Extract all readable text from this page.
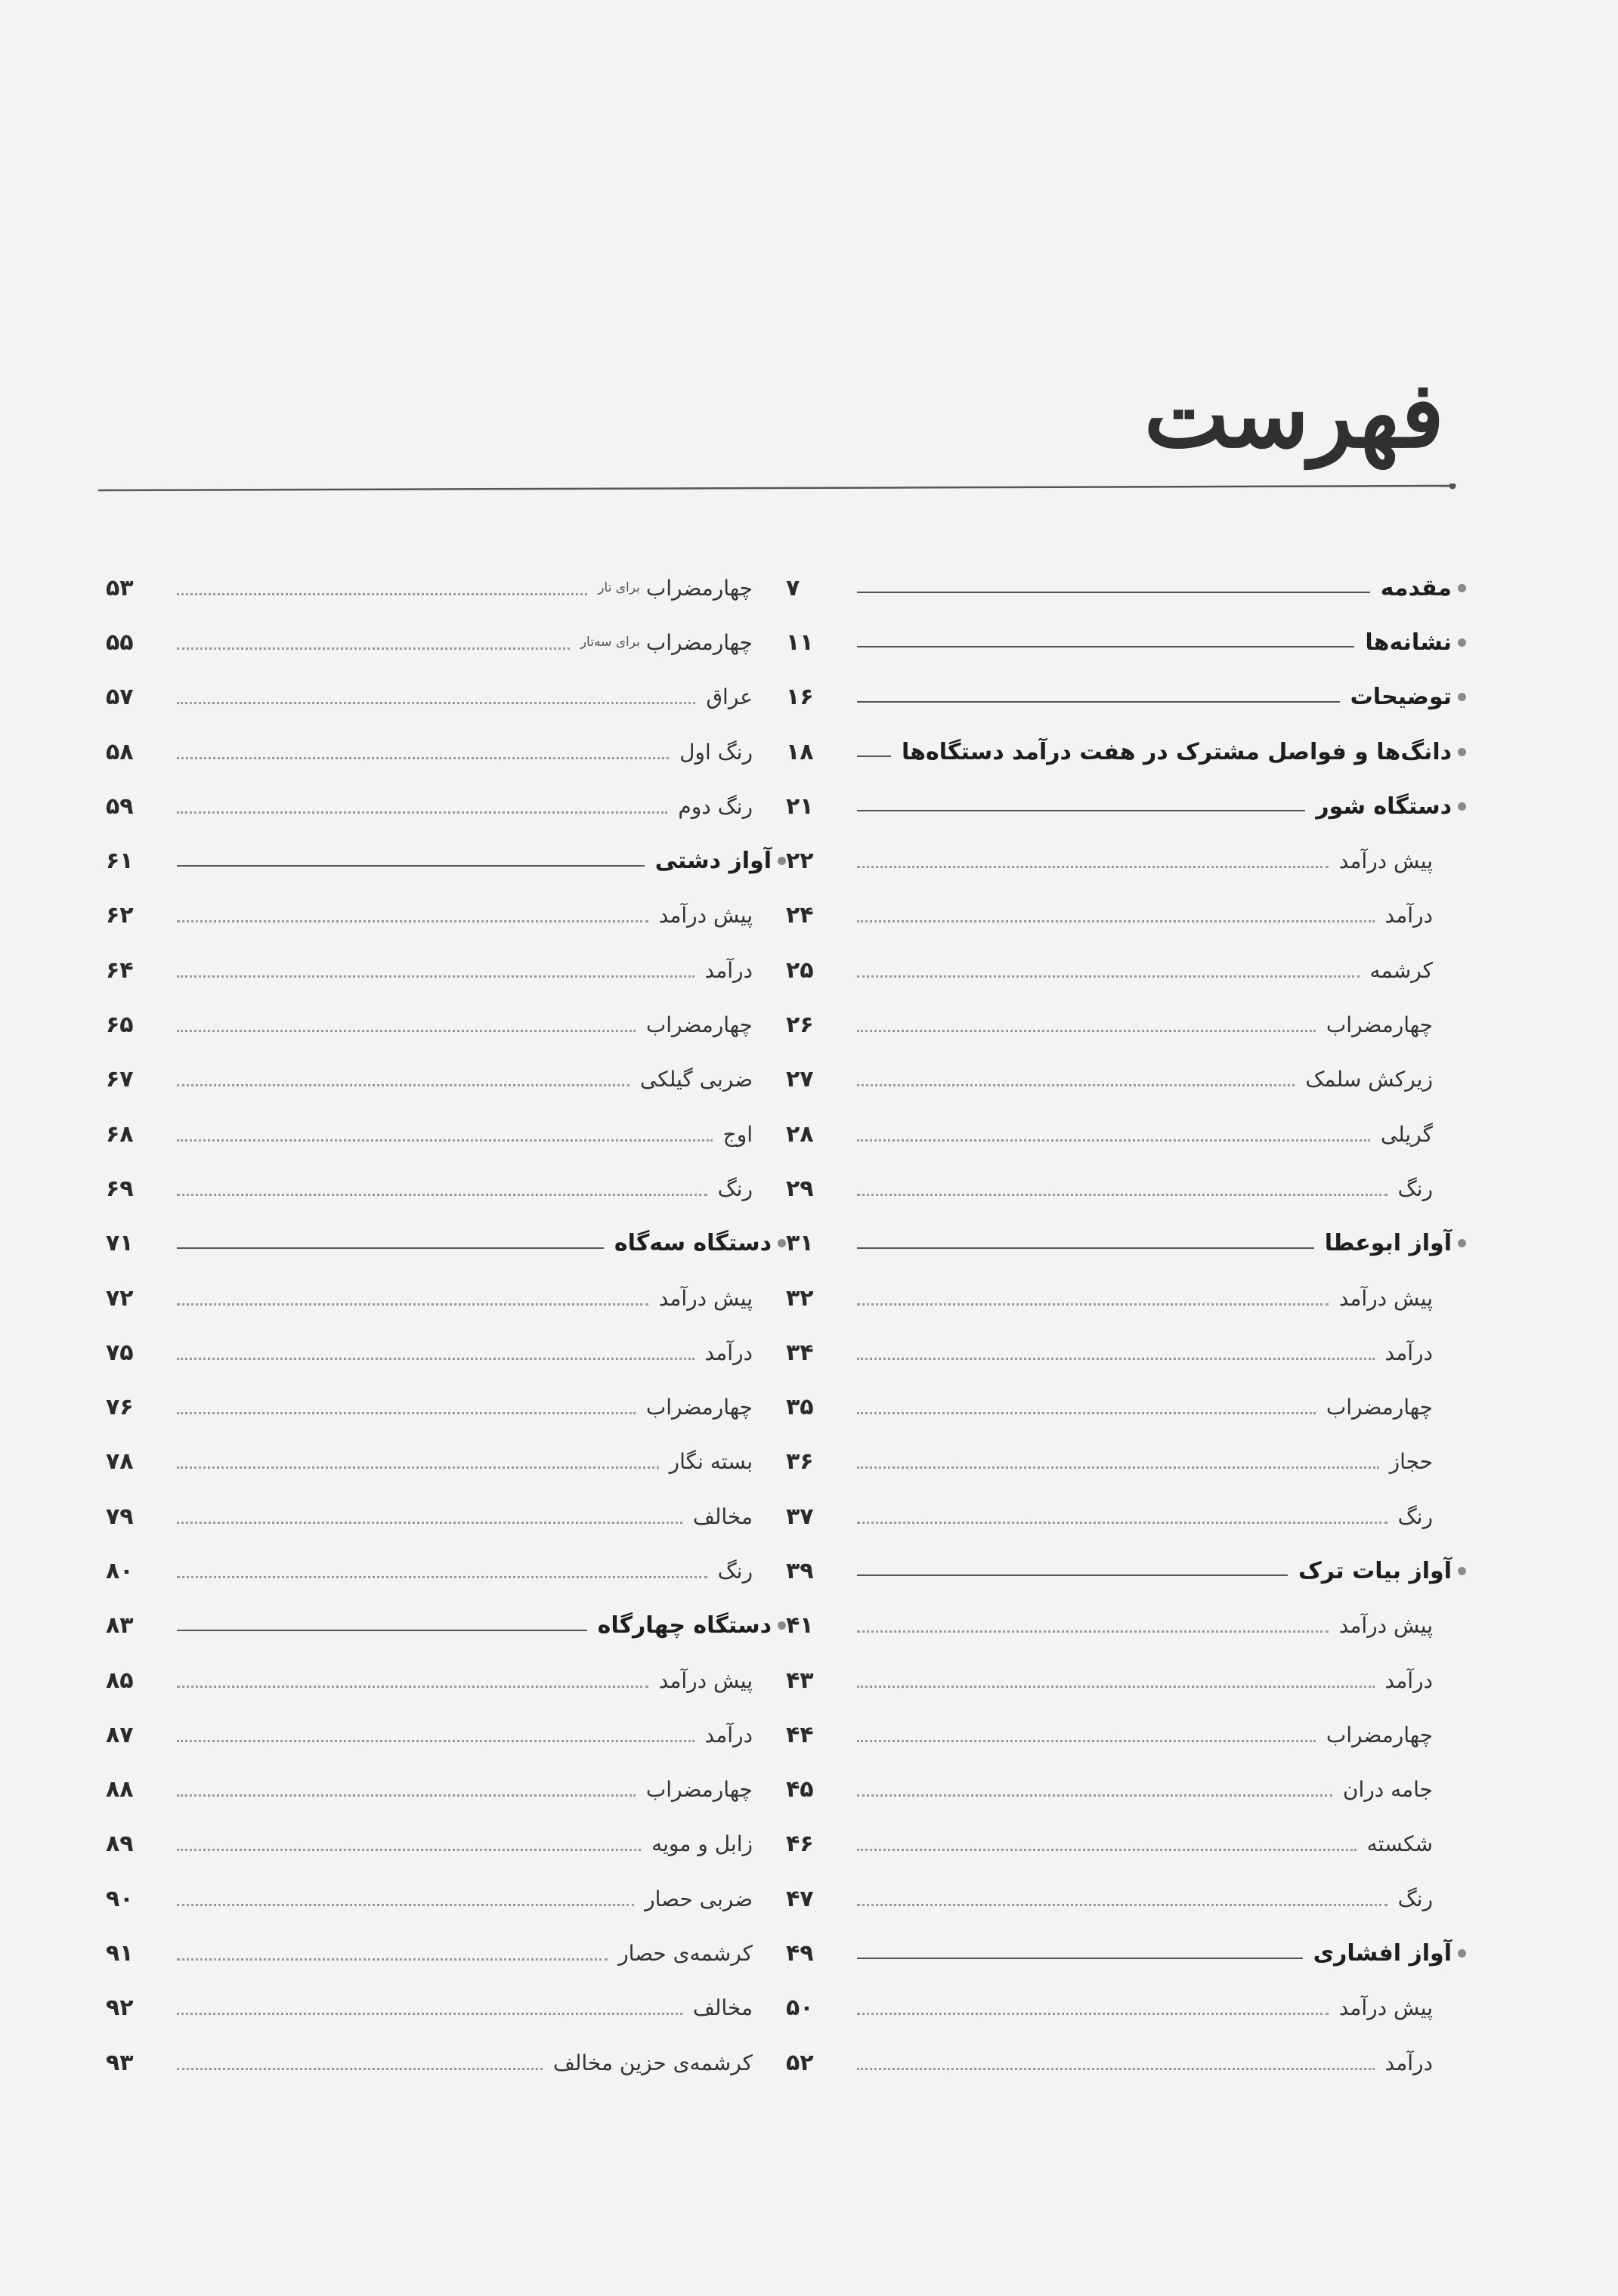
فهرست
مقدمه
۷
نشانه‌ها
۱۱
توضیحات
۱۶
دانگ‌ها و فواصل مشترک در هفت درآمد دستگاه‌ها
۱۸
دستگاه شور
۲۱
پیش درآمد
۲۲
درآمد
۲۴
کرشمه
۲۵
چهارمضراب
۲۶
زیرکش سلمک
۲۷
گریلی
۲۸
رنگ
۲۹
آواز ابوعطا
۳۱
پیش درآمد
۳۲
درآمد
۳۴
چهارمضراب
۳۵
حجاز
۳۶
رنگ
۳۷
آواز بیات ترک
۳۹
پیش درآمد
۴۱
درآمد
۴۳
چهارمضراب
۴۴
جامه دران
۴۵
شکسته
۴۶
رنگ
۴۷
آواز افشاری
۴۹
پیش درآمد
۵۰
درآمد
۵۲
چهارمضراب
برای تار
۵۳
چهارمضراب
برای سه‌تار
۵۵
عراق
۵۷
رنگ اول
۵۸
رنگ دوم
۵۹
آواز دشتی
۶۱
پیش درآمد
۶۲
درآمد
۶۴
چهارمضراب
۶۵
ضربی گیلکی
۶۷
اوج
۶۸
رنگ
۶۹
دستگاه سه‌گاه
۷۱
پیش درآمد
۷۲
درآمد
۷۵
چهارمضراب
۷۶
بسته نگار
۷۸
مخالف
۷۹
رنگ
۸۰
دستگاه چهارگاه
۸۳
پیش درآمد
۸۵
درآمد
۸۷
چهارمضراب
۸۸
زابل و مویه
۸۹
ضربی حصار
۹۰
کرشمه‌ی حصار
۹۱
مخالف
۹۲
کرشمه‌ی حزین مخالف
۹۳
